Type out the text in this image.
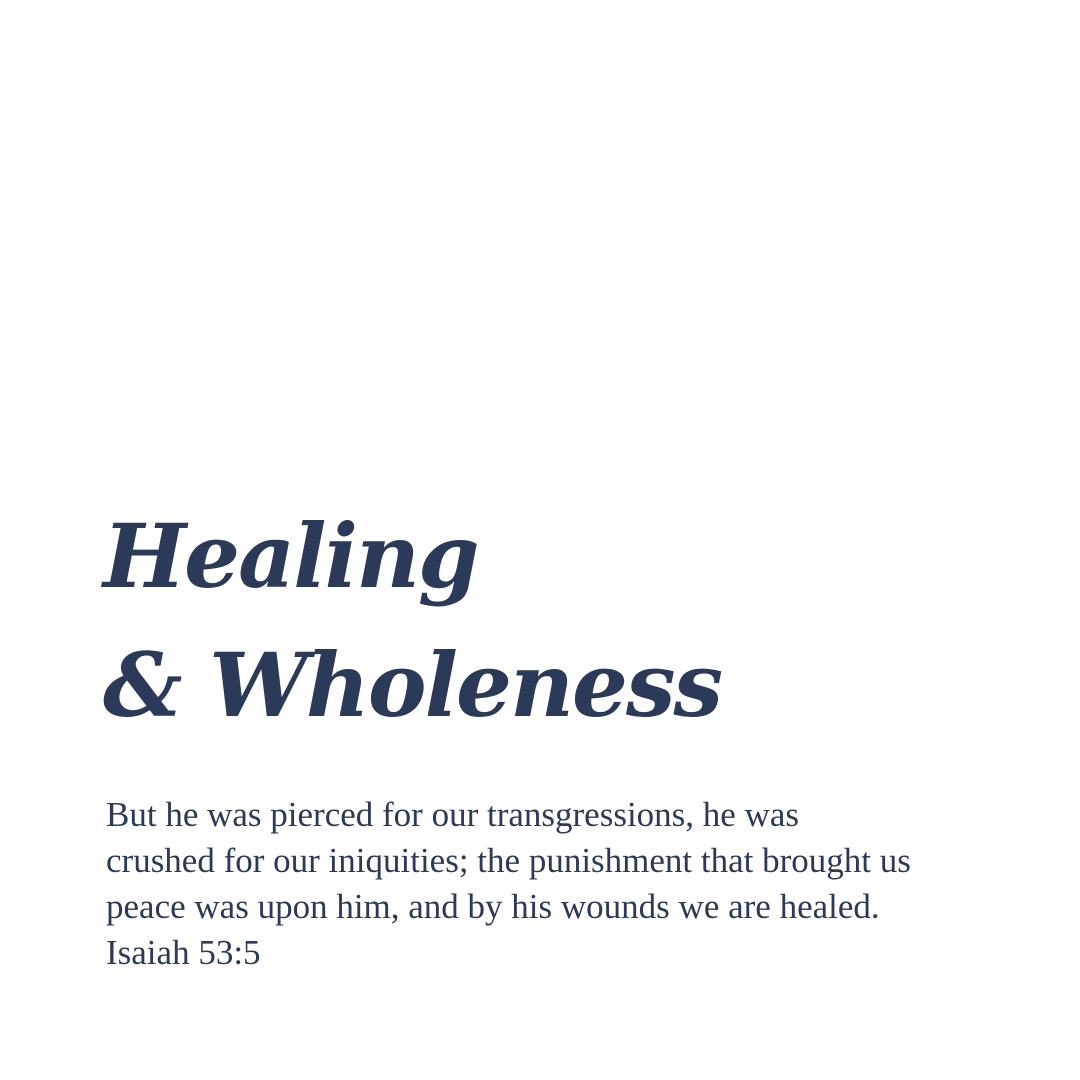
Healing
& Wholeness

But he was pierced for our transgressions, he was crushed for our iniquities; the punishment that brought us peace was upon him, and by his wounds we are healed. Isaiah 53:5
